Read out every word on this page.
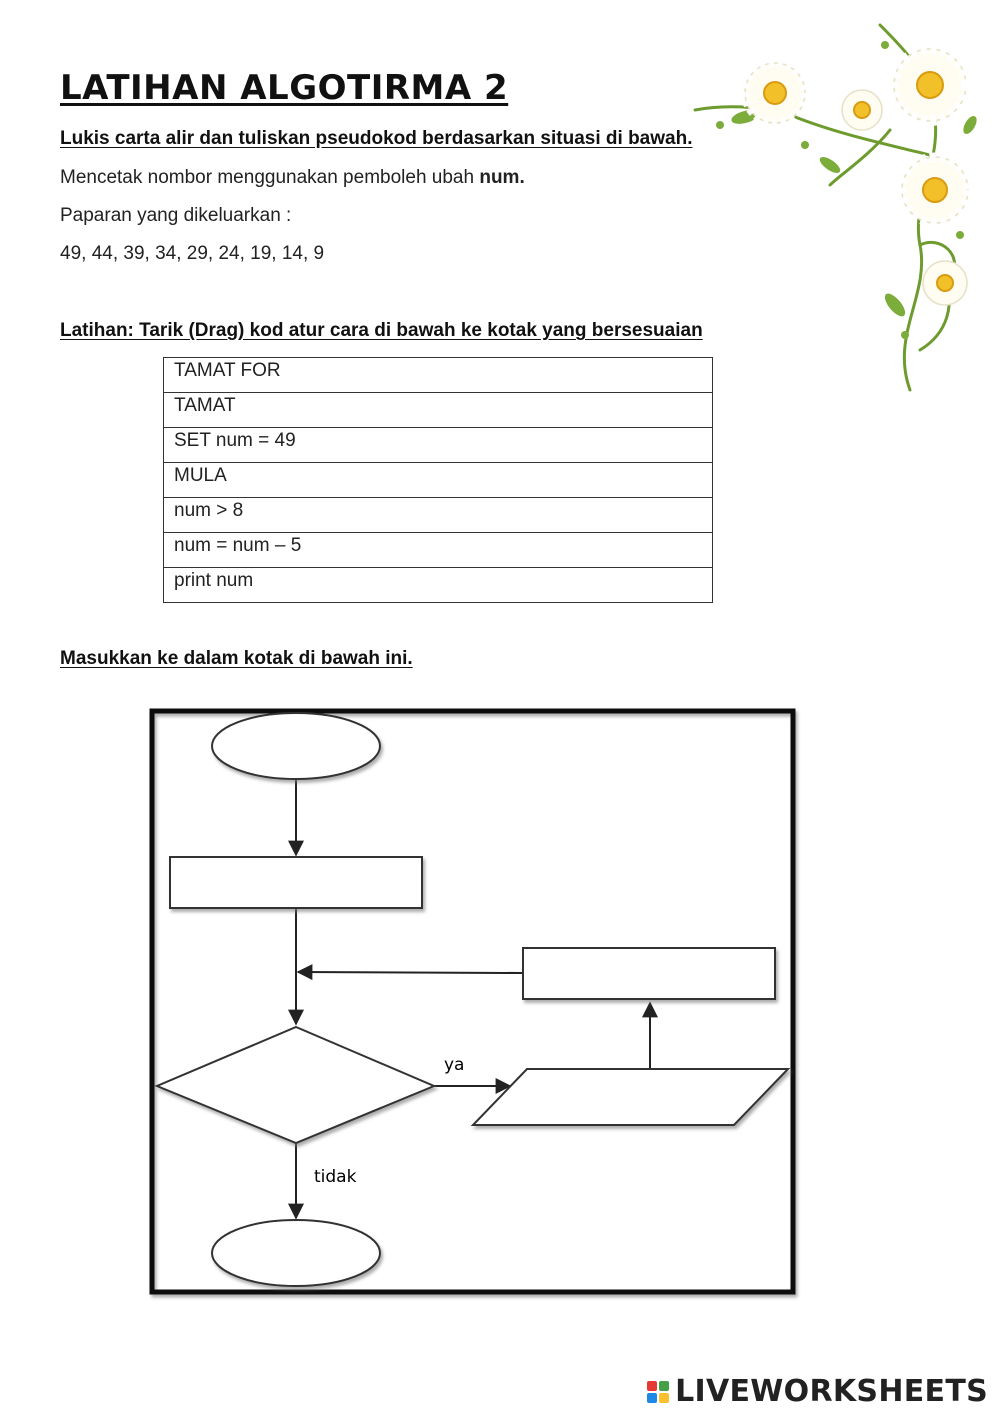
LATIHAN ALGOTIRMA 2
Lukis carta alir dan tuliskan pseudokod berdasarkan situasi di bawah.
Mencetak nombor menggunakan pemboleh ubah num.
Paparan yang dikeluarkan :
49, 44, 39, 34, 29, 24, 19, 14, 9
Latihan: Tarik (Drag) kod atur cara di bawah ke kotak yang bersesuaian
TAMAT FOR
TAMAT
SET num = 49
MULA
num > 8
num = num – 5
print num
Masukkan ke dalam kotak di bawah ini.
ya
tidak
LIVEWORKSHEETS
